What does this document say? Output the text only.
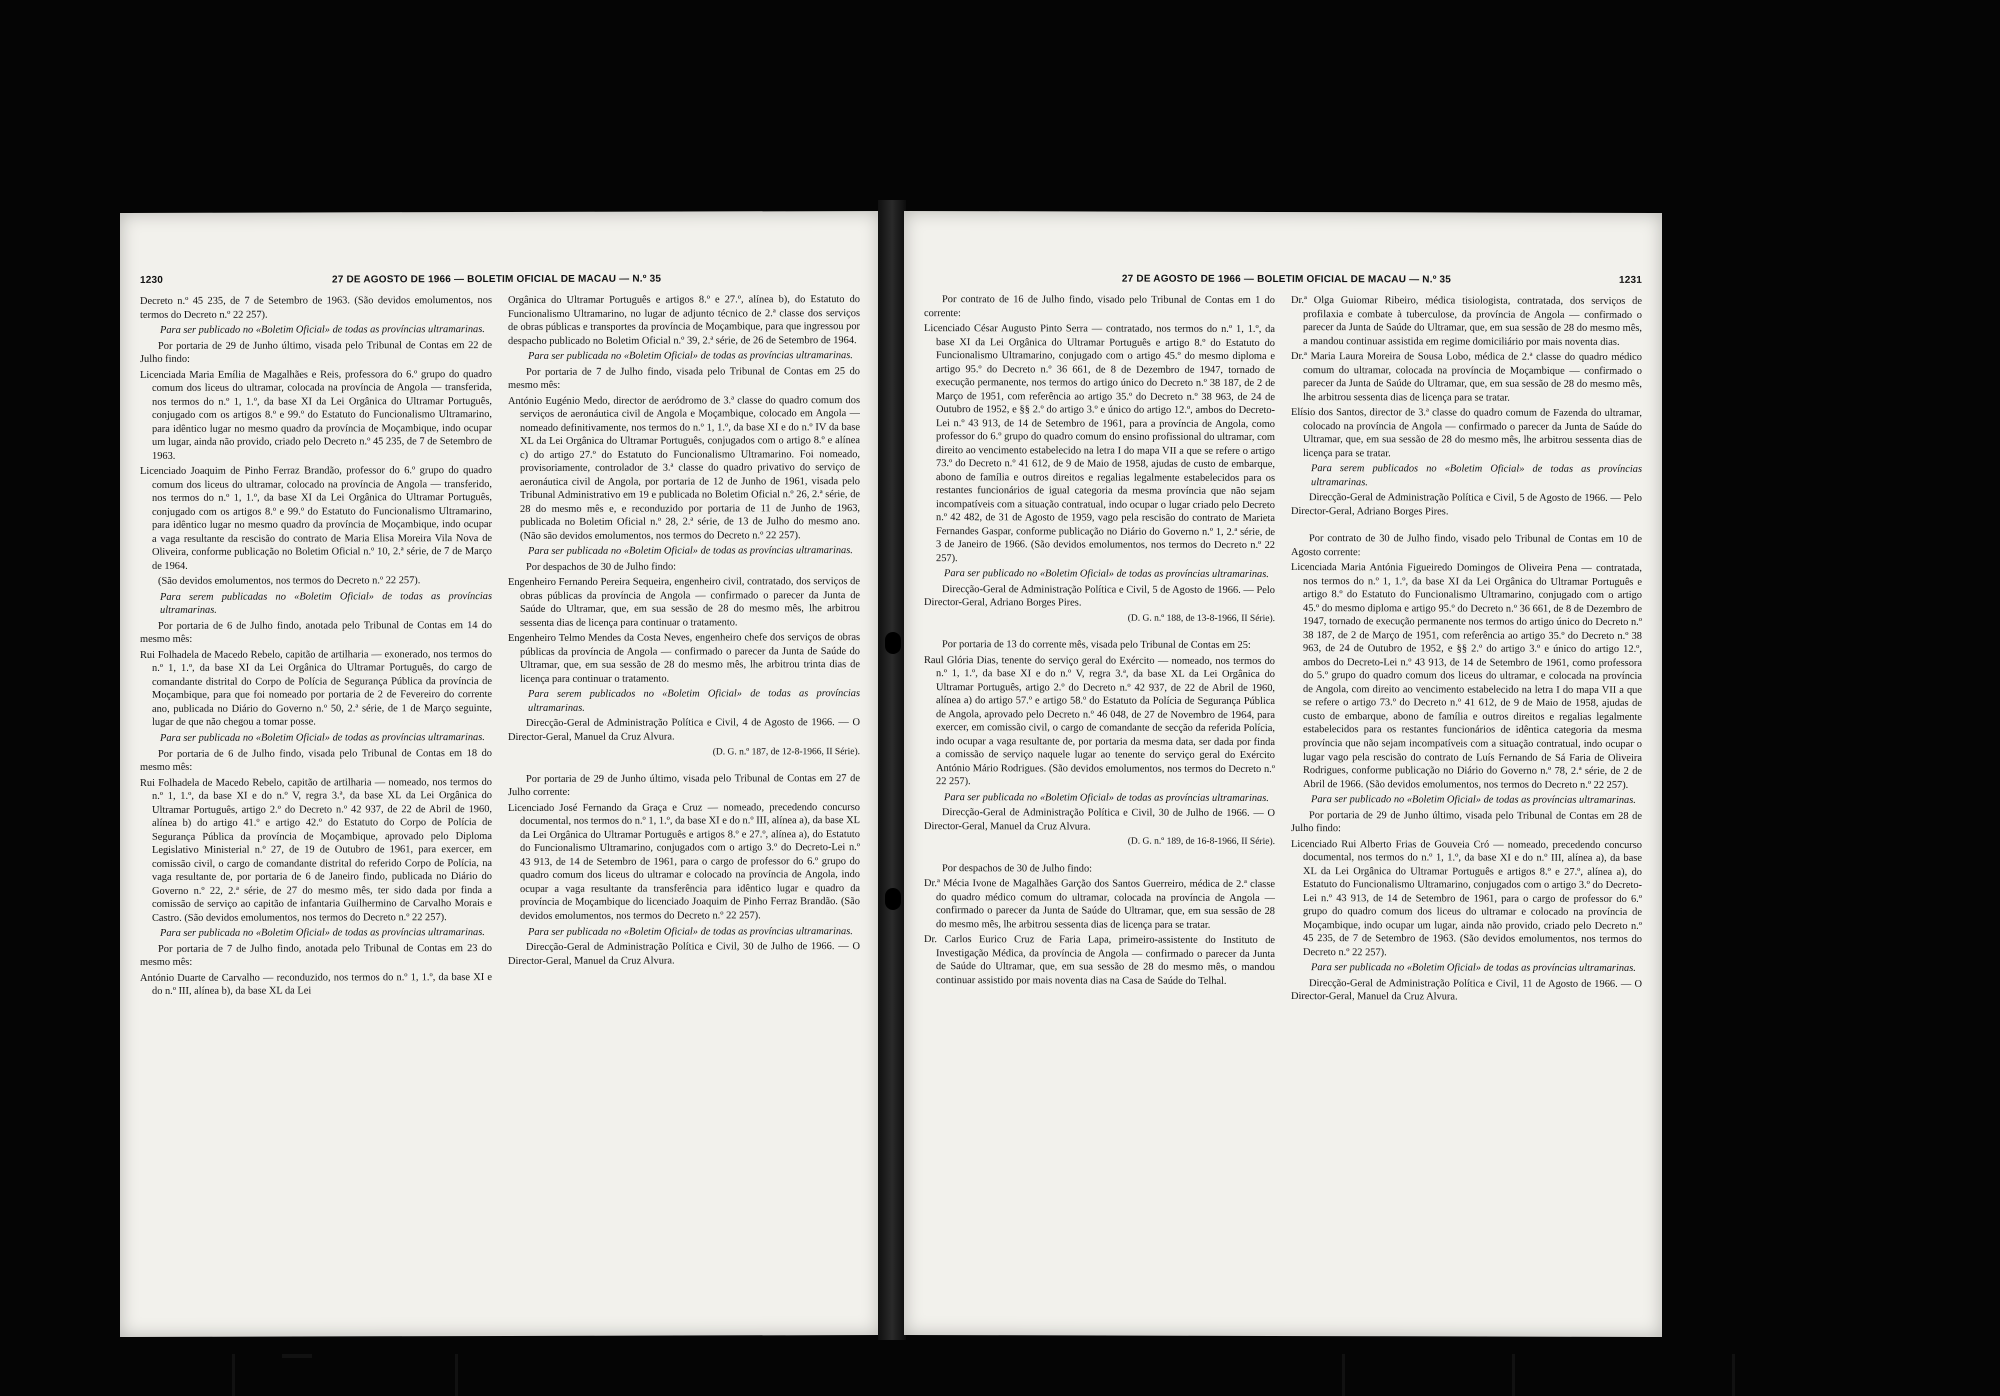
1230	27 DE AGOSTO DE 1966 — BOLETIM OFICIAL DE MACAU — N.º 35

Decreto n.º 45 235, de 7 de Setembro de 1963. (São devidos emolumentos, nos termos do Decreto n.º 22 257).

Para ser publicado no «Boletim Oficial» de todas as províncias ultramarinas.

Por portaria de 29 de Junho último, visada pelo Tribunal de Contas em 22 de Julho findo:

Licenciada Maria Emília de Magalhães e Reis, professora do 6.º grupo do quadro comum dos liceus do ultramar, colocada na província de Angola — transferida, nos termos do n.º 1, 1.º, da base XI da Lei Orgânica do Ultramar Português, conjugado com os artigos 8.º e 99.º do Estatuto do Funcionalismo Ultramarino, para idêntico lugar no mesmo quadro da província de Moçambique, indo ocupar um lugar, ainda não provido, criado pelo Decreto n.º 45 235, de 7 de Setembro de 1963.

Licenciado Joaquim de Pinho Ferraz Brandão, professor do 6.º grupo do quadro comum dos liceus do ultramar, colocado na província de Angola — transferido, nos termos do n.º 1, 1.º, da base XI da Lei Orgânica do Ultramar Português, conjugado com os artigos 8.º e 99.º do Estatuto do Funcionalismo Ultramarino, para idêntico lugar no mesmo quadro da província de Moçambique, indo ocupar a vaga resultante da rescisão do contrato de Maria Elisa Moreira Vila Nova de Oliveira, conforme publicação no Boletim Oficial n.º 10, 2.ª série, de 7 de Março de 1964.

(São devidos emolumentos, nos termos do Decreto n.º 22 257).

Para serem publicadas no «Boletim Oficial» de todas as províncias ultramarinas.

Por portaria de 6 de Julho findo, anotada pelo Tribunal de Contas em 14 do mesmo mês:

Rui Folhadela de Macedo Rebelo, capitão de artilharia — exonerado, nos termos do n.º 1, 1.º, da base XI da Lei Orgânica do Ultramar Português, do cargo de comandante distrital do Corpo de Polícia de Segurança Pública da província de Moçambique, para que foi nomeado por portaria de 2 de Fevereiro do corrente ano, publicada no Diário do Governo n.º 50, 2.ª série, de 1 de Março seguinte, lugar de que não chegou a tomar posse.

Para ser publicada no «Boletim Oficial» de todas as províncias ultramarinas.

Por portaria de 6 de Julho findo, visada pelo Tribunal de Contas em 18 do mesmo mês:

Rui Folhadela de Macedo Rebelo, capitão de artilharia — nomeado, nos termos do n.º 1, 1.º, da base XI e do n.º V, regra 3.ª, da base XL da Lei Orgânica do Ultramar Português, artigo 2.º do Decreto n.º 42 937, de 22 de Abril de 1960, alínea b) do artigo 41.º e artigo 42.º do Estatuto do Corpo de Polícia de Segurança Pública da província de Moçambique, aprovado pelo Diploma Legislativo Ministerial n.º 27, de 19 de Outubro de 1961, para exercer, em comissão civil, o cargo de comandante distrital do referido Corpo de Polícia, na vaga resultante de, por portaria de 6 de Janeiro findo, publicada no Diário do Governo n.º 22, 2.ª série, de 27 do mesmo mês, ter sido dada por finda a comissão de serviço ao capitão de infantaria Guilhermino de Carvalho Morais e Castro. (São devidos emolumentos, nos termos do Decreto n.º 22 257).

Para ser publicada no «Boletim Oficial» de todas as províncias ultramarinas.

Por portaria de 7 de Julho findo, anotada pelo Tribunal de Contas em 23 do mesmo mês:

António Duarte de Carvalho — reconduzido, nos termos do n.º 1, 1.º, da base XI e do n.º III, alínea b), da base XL da Lei

Orgânica do Ultramar Português e artigos 8.º e 27.º, alínea b), do Estatuto do Funcionalismo Ultramarino, no lugar de adjunto técnico de 2.ª classe dos serviços de obras públicas e transportes da província de Moçambique, para que ingressou por despacho publicado no Boletim Oficial n.º 39, 2.ª série, de 26 de Setembro de 1964.

Para ser publicada no «Boletim Oficial» de todas as províncias ultramarinas.

Por portaria de 7 de Julho findo, visada pelo Tribunal de Contas em 25 do mesmo mês:

António Eugénio Medo, director de aeródromo de 3.ª classe do quadro comum dos serviços de aeronáutica civil de Angola e Moçambique, colocado em Angola — nomeado definitivamente, nos termos do n.º 1, 1.º, da base XI e do n.º IV da base XL da Lei Orgânica do Ultramar Português, conjugados com o artigo 8.º e alínea c) do artigo 27.º do Estatuto do Funcionalismo Ultramarino. Foi nomeado, provisoriamente, controlador de 3.ª classe do quadro privativo do serviço de aeronáutica civil de Angola, por portaria de 12 de Junho de 1961, visada pelo Tribunal Administrativo em 19 e publicada no Boletim Oficial n.º 26, 2.ª série, de 28 do mesmo mês e, e reconduzido por portaria de 11 de Junho de 1963, publicada no Boletim Oficial n.º 28, 2.ª série, de 13 de Julho do mesmo ano. (Não são devidos emolumentos, nos termos do Decreto n.º 22 257).

Para ser publicada no «Boletim Oficial» de todas as províncias ultramarinas.

Por despachos de 30 de Julho findo:

Engenheiro Fernando Pereira Sequeira, engenheiro civil, contratado, dos serviços de obras públicas da província de Angola — confirmado o parecer da Junta de Saúde do Ultramar, que, em sua sessão de 28 do mesmo mês, lhe arbitrou sessenta dias de licença para continuar o tratamento.

Engenheiro Telmo Mendes da Costa Neves, engenheiro chefe dos serviços de obras públicas da província de Angola — confirmado o parecer da Junta de Saúde do Ultramar, que, em sua sessão de 28 do mesmo mês, lhe arbitrou trinta dias de licença para continuar o tratamento.

Para serem publicados no «Boletim Oficial» de todas as províncias ultramarinas.

Direcção-Geral de Administração Política e Civil, 4 de Agosto de 1966. — O Director-Geral, Manuel da Cruz Alvura.

(D. G. n.º 187, de 12-8-1966, II Série).

Por portaria de 29 de Junho último, visada pelo Tribunal de Contas em 27 de Julho corrente:

Licenciado José Fernando da Graça e Cruz — nomeado, precedendo concurso documental, nos termos do n.º 1, 1.º, da base XI e do n.º III, alínea a), da base XL da Lei Orgânica do Ultramar Português e artigos 8.º e 27.º, alínea a), do Estatuto do Funcionalismo Ultramarino, conjugados com o artigo 3.º do Decreto-Lei n.º 43 913, de 14 de Setembro de 1961, para o cargo de professor do 6.º grupo do quadro comum dos liceus do ultramar e colocado na província de Angola, indo ocupar a vaga resultante da transferência para idêntico lugar e quadro da província de Moçambique do licenciado Joaquim de Pinho Ferraz Brandão. (São devidos emolumentos, nos termos do Decreto n.º 22 257).

Para ser publicada no «Boletim Oficial» de todas as províncias ultramarinas.

Direcção-Geral de Administração Política e Civil, 30 de Julho de 1966. — O Director-Geral, Manuel da Cruz Alvura.

27 DE AGOSTO DE 1966 — BOLETIM OFICIAL DE MACAU — N.º 35	1231

Por contrato de 16 de Julho findo, visado pelo Tribunal de Contas em 1 do corrente:

Licenciado César Augusto Pinto Serra — contratado, nos termos do n.º 1, 1.º, da base XI da Lei Orgânica do Ultramar Português e artigo 8.º do Estatuto do Funcionalismo Ultramarino, conjugado com o artigo 45.º do mesmo diploma e artigo 95.º do Decreto n.º 36 661, de 8 de Dezembro de 1947, tornado de execução permanente, nos termos do artigo único do Decreto n.º 38 187, de 2 de Março de 1951, com referência ao artigo 35.º do Decreto n.º 38 963, de 24 de Outubro de 1952, e §§ 2.º do artigo 3.º e único do artigo 12.º, ambos do Decreto-Lei n.º 43 913, de 14 de Setembro de 1961, para a província de Angola, como professor do 6.º grupo do quadro comum do ensino profissional do ultramar, com direito ao vencimento estabelecido na letra I do mapa VII a que se refere o artigo 73.º do Decreto n.º 41 612, de 9 de Maio de 1958, ajudas de custo de embarque, abono de família e outros direitos e regalias legalmente estabelecidos para os restantes funcionários de igual categoria da mesma província que não sejam incompatíveis com a situação contratual, indo ocupar o lugar criado pelo Decreto n.º 42 482, de 31 de Agosto de 1959, vago pela rescisão do contrato de Marieta Fernandes Gaspar, conforme publicação no Diário do Governo n.º 1, 2.ª série, de 3 de Janeiro de 1966. (São devidos emolumentos, nos termos do Decreto n.º 22 257).

Para ser publicado no «Boletim Oficial» de todas as províncias ultramarinas.

Direcção-Geral de Administração Política e Civil, 5 de Agosto de 1966. — Pelo Director-Geral, Adriano Borges Pires.

(D. G. n.º 188, de 13-8-1966, II Série).

Por portaria de 13 do corrente mês, visada pelo Tribunal de Contas em 25:

Raul Glória Dias, tenente do serviço geral do Exército — nomeado, nos termos do n.º 1, 1.º, da base XI e do n.º V, regra 3.ª, da base XL da Lei Orgânica do Ultramar Português, artigo 2.º do Decreto n.º 42 937, de 22 de Abril de 1960, alínea a) do artigo 57.º e artigo 58.º do Estatuto da Polícia de Segurança Pública de Angola, aprovado pelo Decreto n.º 46 048, de 27 de Novembro de 1964, para exercer, em comissão civil, o cargo de comandante de secção da referida Polícia, indo ocupar a vaga resultante de, por portaria da mesma data, ser dada por finda a comissão de serviço naquele lugar ao tenente do serviço geral do Exército António Mário Rodrigues. (São devidos emolumentos, nos termos do Decreto n.º 22 257).

Para ser publicada no «Boletim Oficial» de todas as províncias ultramarinas.

Direcção-Geral de Administração Política e Civil, 30 de Julho de 1966. — O Director-Geral, Manuel da Cruz Alvura.

(D. G. n.º 189, de 16-8-1966, II Série).

Por despachos de 30 de Julho findo:

Dr.ª Mécia Ivone de Magalhães Garção dos Santos Guerreiro, médica de 2.ª classe do quadro médico comum do ultramar, colocada na província de Angola — confirmado o parecer da Junta de Saúde do Ultramar, que, em sua sessão de 28 do mesmo mês, lhe arbitrou sessenta dias de licença para se tratar.

Dr. Carlos Eurico Cruz de Faria Lapa, primeiro-assistente do Instituto de Investigação Médica, da província de Angola — confirmado o parecer da Junta de Saúde do Ultramar, que, em sua sessão de 28 do mesmo mês, o mandou continuar assistido por mais noventa dias na Casa de Saúde do Telhal.

Dr.ª Olga Guiomar Ribeiro, médica tisiologista, contratada, dos serviços de profilaxia e combate à tuberculose, da província de Angola — confirmado o parecer da Junta de Saúde do Ultramar, que, em sua sessão de 28 do mesmo mês, a mandou continuar assistida em regime domiciliário por mais noventa dias.

Dr.ª Maria Laura Moreira de Sousa Lobo, médica de 2.ª classe do quadro médico comum do ultramar, colocada na província de Moçambique — confirmado o parecer da Junta de Saúde do Ultramar, que, em sua sessão de 28 do mesmo mês, lhe arbitrou sessenta dias de licença para se tratar.

Elísio dos Santos, director de 3.ª classe do quadro comum de Fazenda do ultramar, colocado na província de Angola — confirmado o parecer da Junta de Saúde do Ultramar, que, em sua sessão de 28 do mesmo mês, lhe arbitrou sessenta dias de licença para se tratar.

Para serem publicados no «Boletim Oficial» de todas as províncias ultramarinas.

Direcção-Geral de Administração Política e Civil, 5 de Agosto de 1966. — Pelo Director-Geral, Adriano Borges Pires.

Por contrato de 30 de Julho findo, visado pelo Tribunal de Contas em 10 de Agosto corrente:

Licenciada Maria Antónia Figueiredo Domingos de Oliveira Pena — contratada, nos termos do n.º 1, 1.º, da base XI da Lei Orgânica do Ultramar Português e artigo 8.º do Estatuto do Funcionalismo Ultramarino, conjugado com o artigo 45.º do mesmo diploma e artigo 95.º do Decreto n.º 36 661, de 8 de Dezembro de 1947, tornado de execução permanente nos termos do artigo único do Decreto n.º 38 187, de 2 de Março de 1951, com referência ao artigo 35.º do Decreto n.º 38 963, de 24 de Outubro de 1952, e §§ 2.º do artigo 3.º e único do artigo 12.º, ambos do Decreto-Lei n.º 43 913, de 14 de Setembro de 1961, como professora do 5.º grupo do quadro comum dos liceus do ultramar, e colocada na província de Angola, com direito ao vencimento estabelecido na letra I do mapa VII a que se refere o artigo 73.º do Decreto n.º 41 612, de 9 de Maio de 1958, ajudas de custo de embarque, abono de família e outros direitos e regalias legalmente estabelecidos para os restantes funcionários de idêntica categoria da mesma província que não sejam incompatíveis com a situação contratual, indo ocupar o lugar vago pela rescisão do contrato de Luís Fernando de Sá Faria de Oliveira Rodrigues, conforme publicação no Diário do Governo n.º 78, 2.ª série, de 2 de Abril de 1966. (São devidos emolumentos, nos termos do Decreto n.º 22 257).

Para ser publicado no «Boletim Oficial» de todas as províncias ultramarinas.

Por portaria de 29 de Junho último, visada pelo Tribunal de Contas em 28 de Julho findo:

Licenciado Rui Alberto Frias de Gouveia Cró — nomeado, precedendo concurso documental, nos termos do n.º 1, 1.º, da base XI e do n.º III, alínea a), da base XL da Lei Orgânica do Ultramar Português e artigos 8.º e 27.º, alínea a), do Estatuto do Funcionalismo Ultramarino, conjugados com o artigo 3.º do Decreto-Lei n.º 43 913, de 14 de Setembro de 1961, para o cargo de professor do 6.º grupo do quadro comum dos liceus do ultramar e colocado na província de Moçambique, indo ocupar um lugar, ainda não provido, criado pelo Decreto n.º 45 235, de 7 de Setembro de 1963. (São devidos emolumentos, nos termos do Decreto n.º 22 257).

Para ser publicada no «Boletim Oficial» de todas as províncias ultramarinas.

Direcção-Geral de Administração Política e Civil, 11 de Agosto de 1966. — O Director-Geral, Manuel da Cruz Alvura.
